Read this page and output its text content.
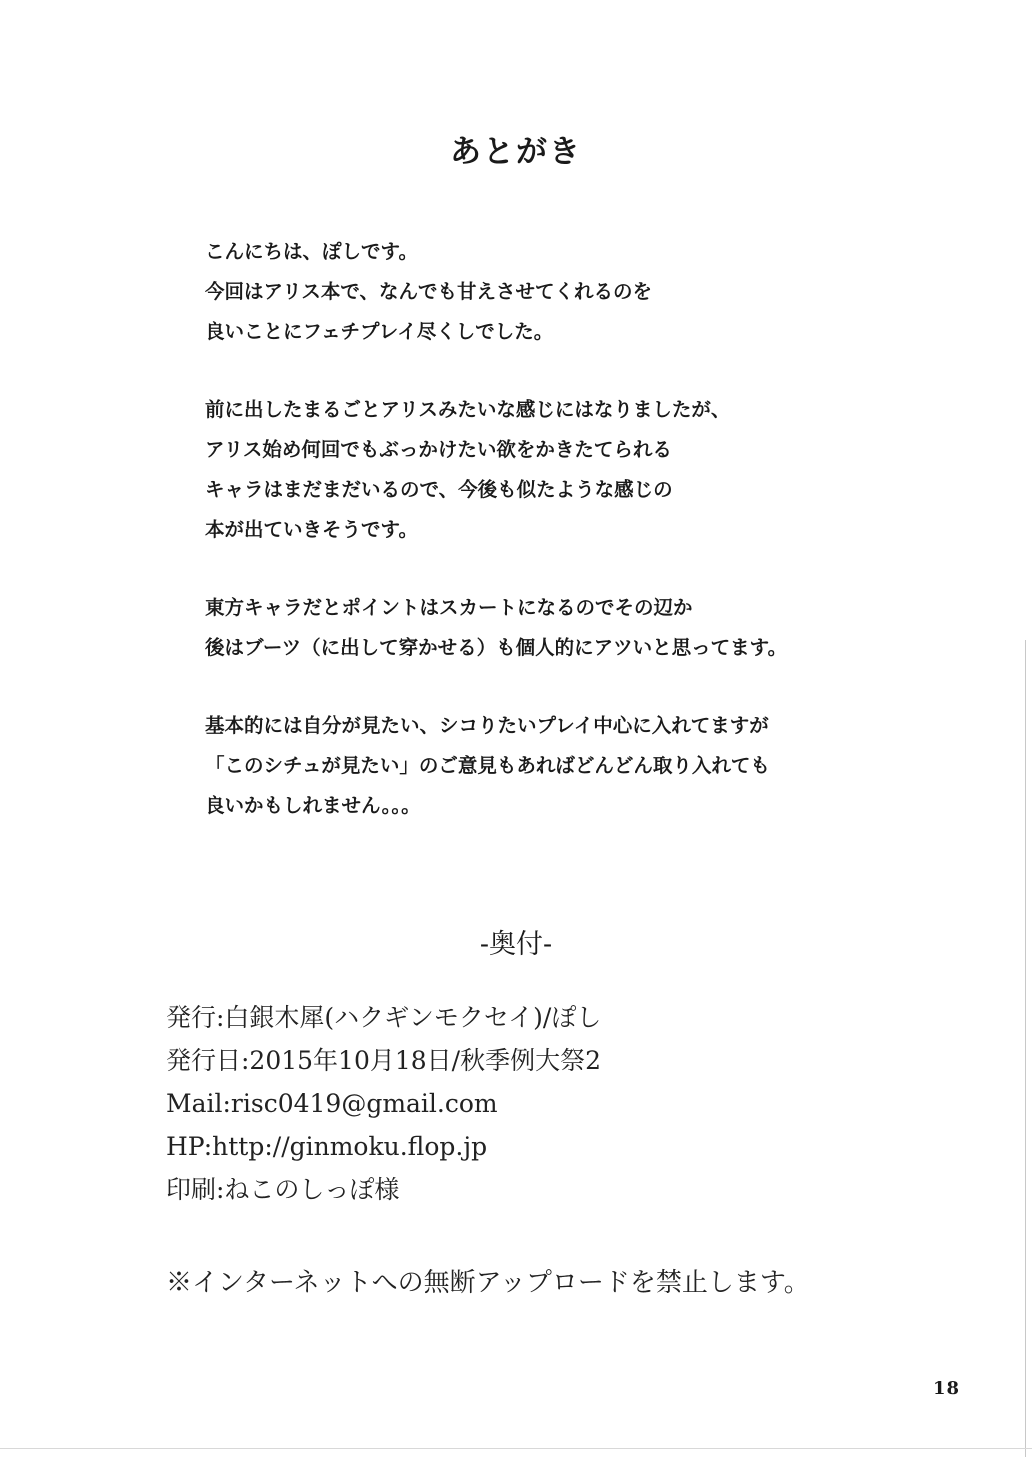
あとがき
こんにちは、ぽしです。
今回はアリス本で、なんでも甘えさせてくれるのを
良いことにフェチプレイ尽くしでした。
前に出したまるごとアリスみたいな感じにはなりましたが、
アリス始め何回でもぶっかけたい欲をかきたてられる
キャラはまだまだいるので、今後も似たような感じの
本が出ていきそうです。
東方キャラだとポイントはスカートになるのでその辺か
後はブーツ（に出して穿かせる）も個人的にアツいと思ってます。
基本的には自分が見たい、シコりたいプレイ中心に入れてますが
「このシチュが見たい」のご意見もあればどんどん取り入れても
良いかもしれません。。。
-奥付-
発行:白銀木犀(ハクギンモクセイ)/ぽし
発行日:2015年10月18日/秋季例大祭2
Mail:risc0419@gmail.com
HP:http://ginmoku.flop.jp
印刷:ねこのしっぽ様
※インターネットへの無断アップロードを禁止します。
18
